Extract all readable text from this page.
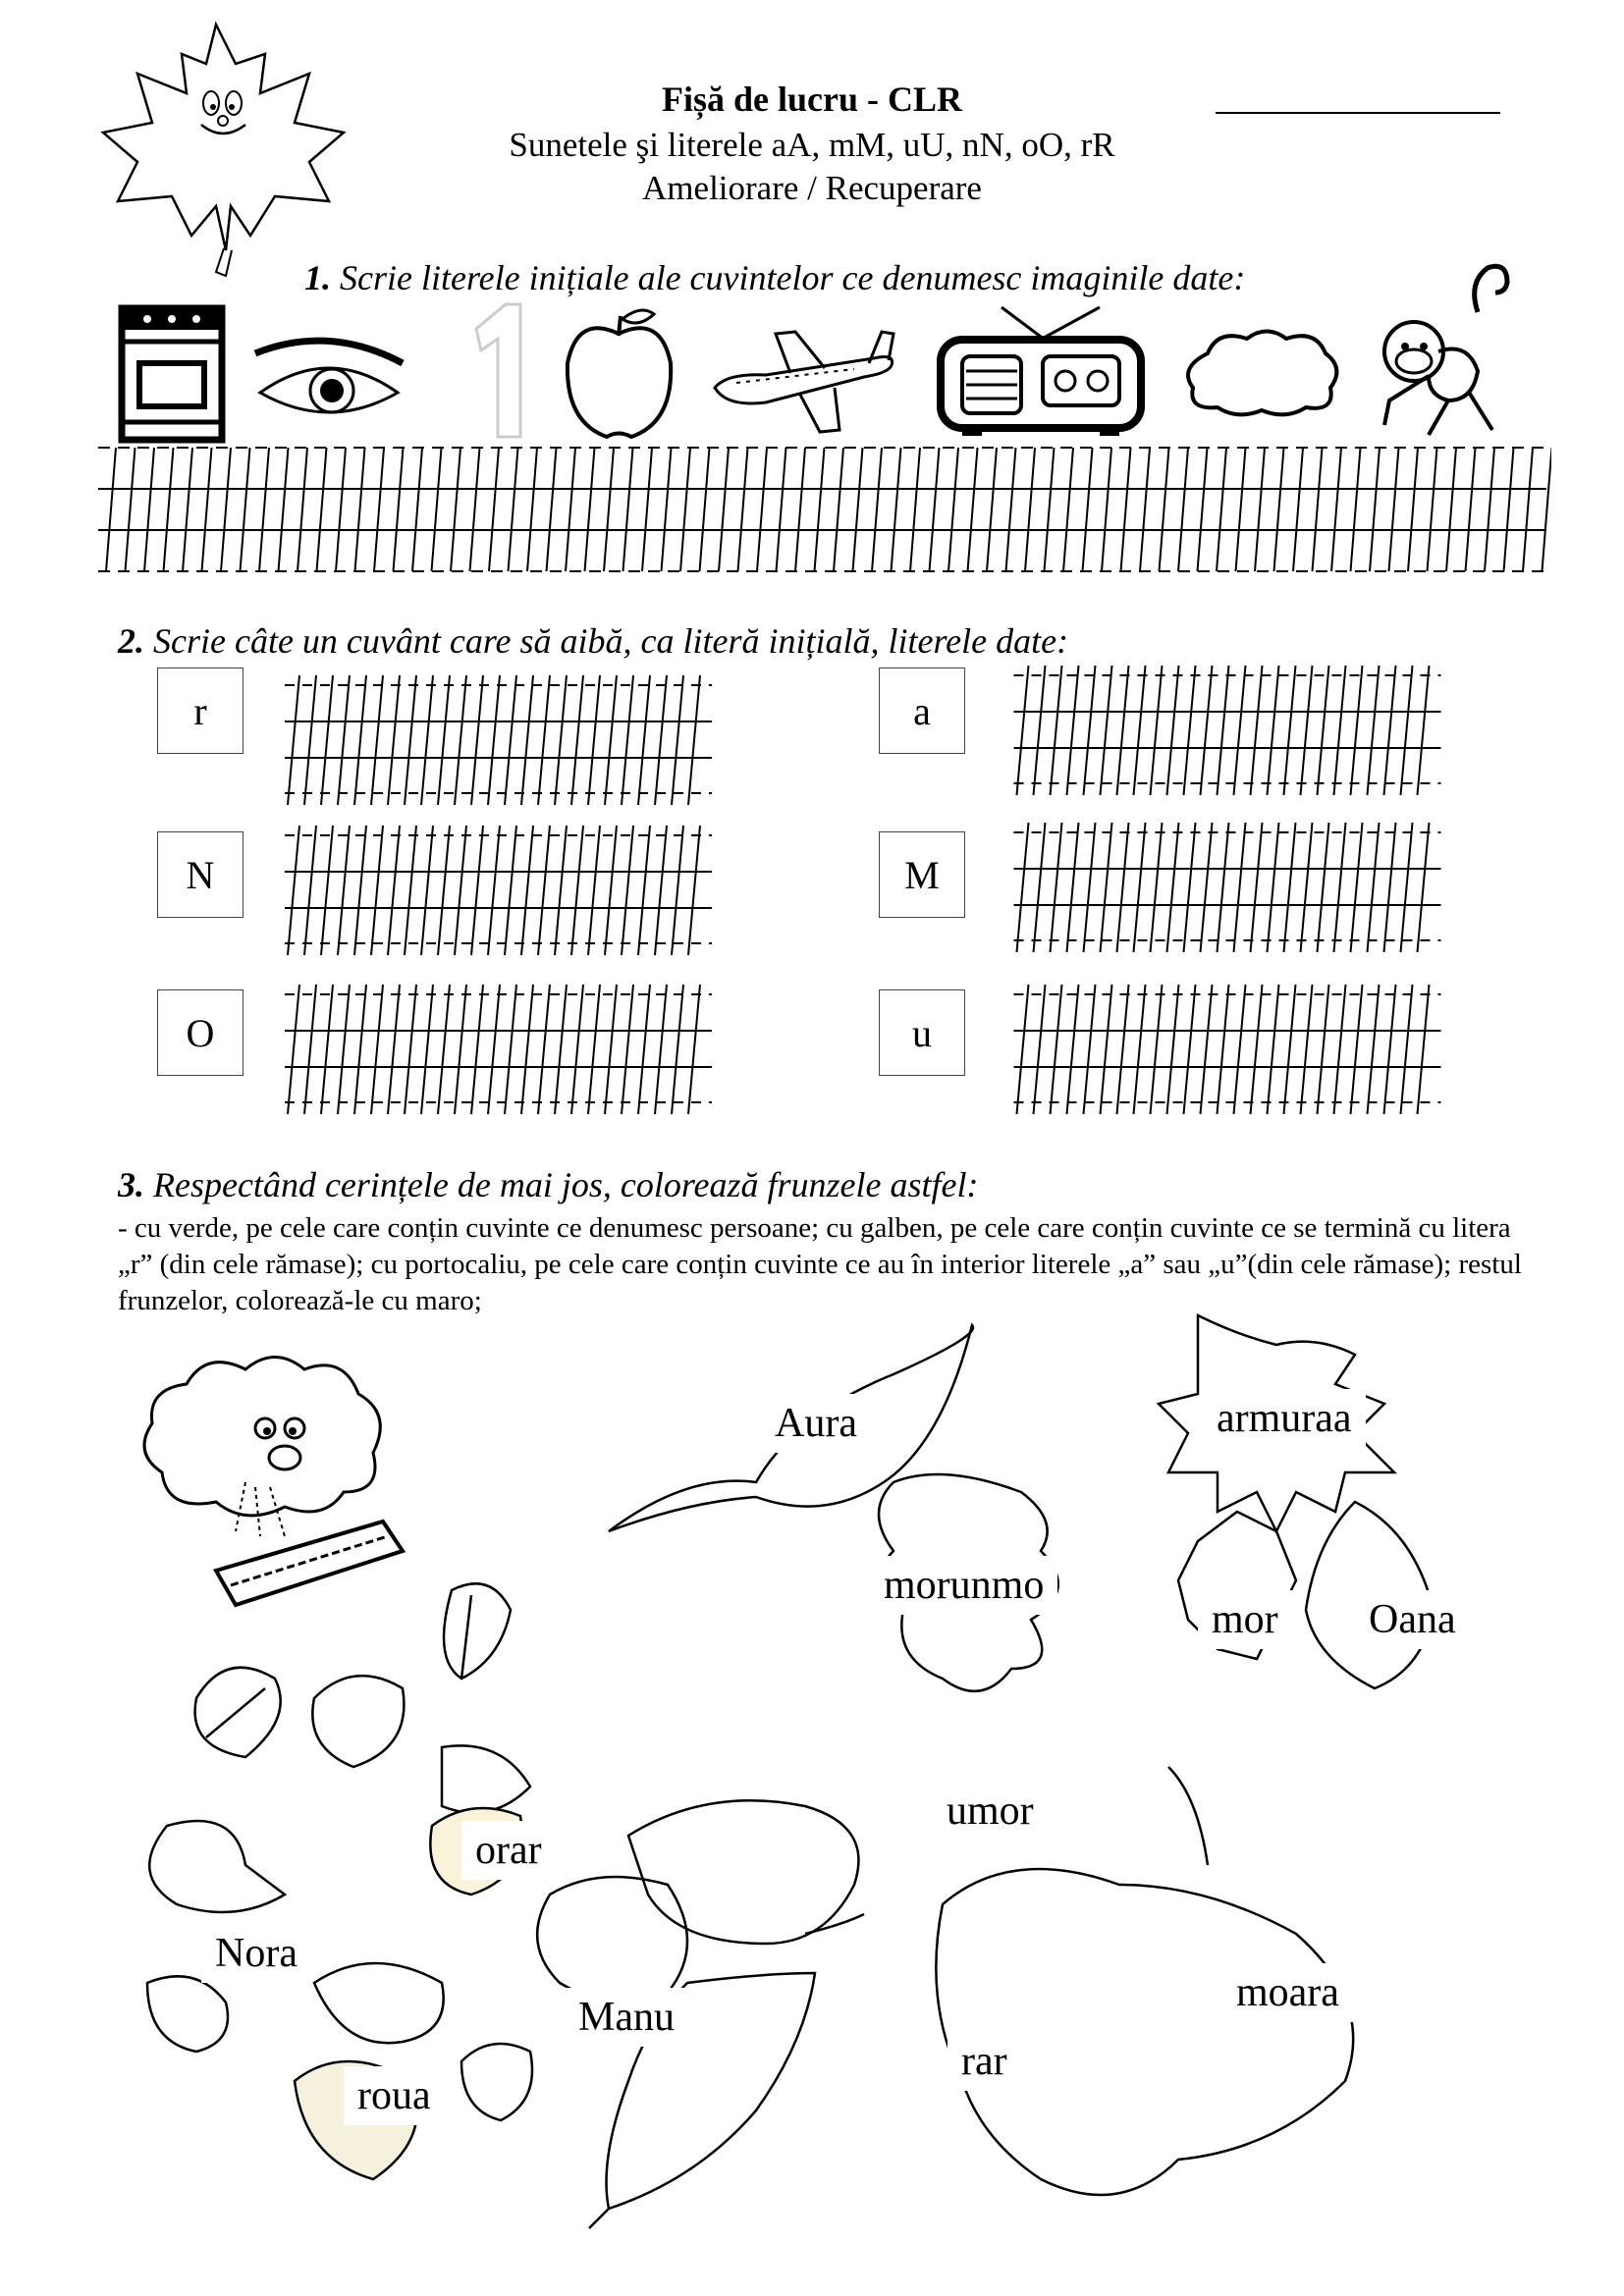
Fișă de lucru - CLR
Sunetele şi literele aA, mM, uU, nN, oO, rR
Ameliorare / Recuperare
1. Scrie literele inițiale ale cuvintelor ce denumesc imaginile date:
2. Scrie câte un cuvânt care să aibă, ca literă inițială, literele date:
r	a
N	M
O	u
3. Respectând cerințele de mai jos, colorează frunzele astfel:
- cu verde, pe cele care conțin cuvinte ce denumesc persoane; cu galben, pe cele care conțin cuvinte ce se termină cu litera „r” (din cele rămase); cu portocaliu, pe cele care conțin cuvinte ce au în interior literele „a” sau „u”(din cele rămase); restul frunzelor, colorează-le cu maro;
Aura	armuraa
morunmo
mor	Oana
orar
Nora
Manu
roua
umor
moara
rar
